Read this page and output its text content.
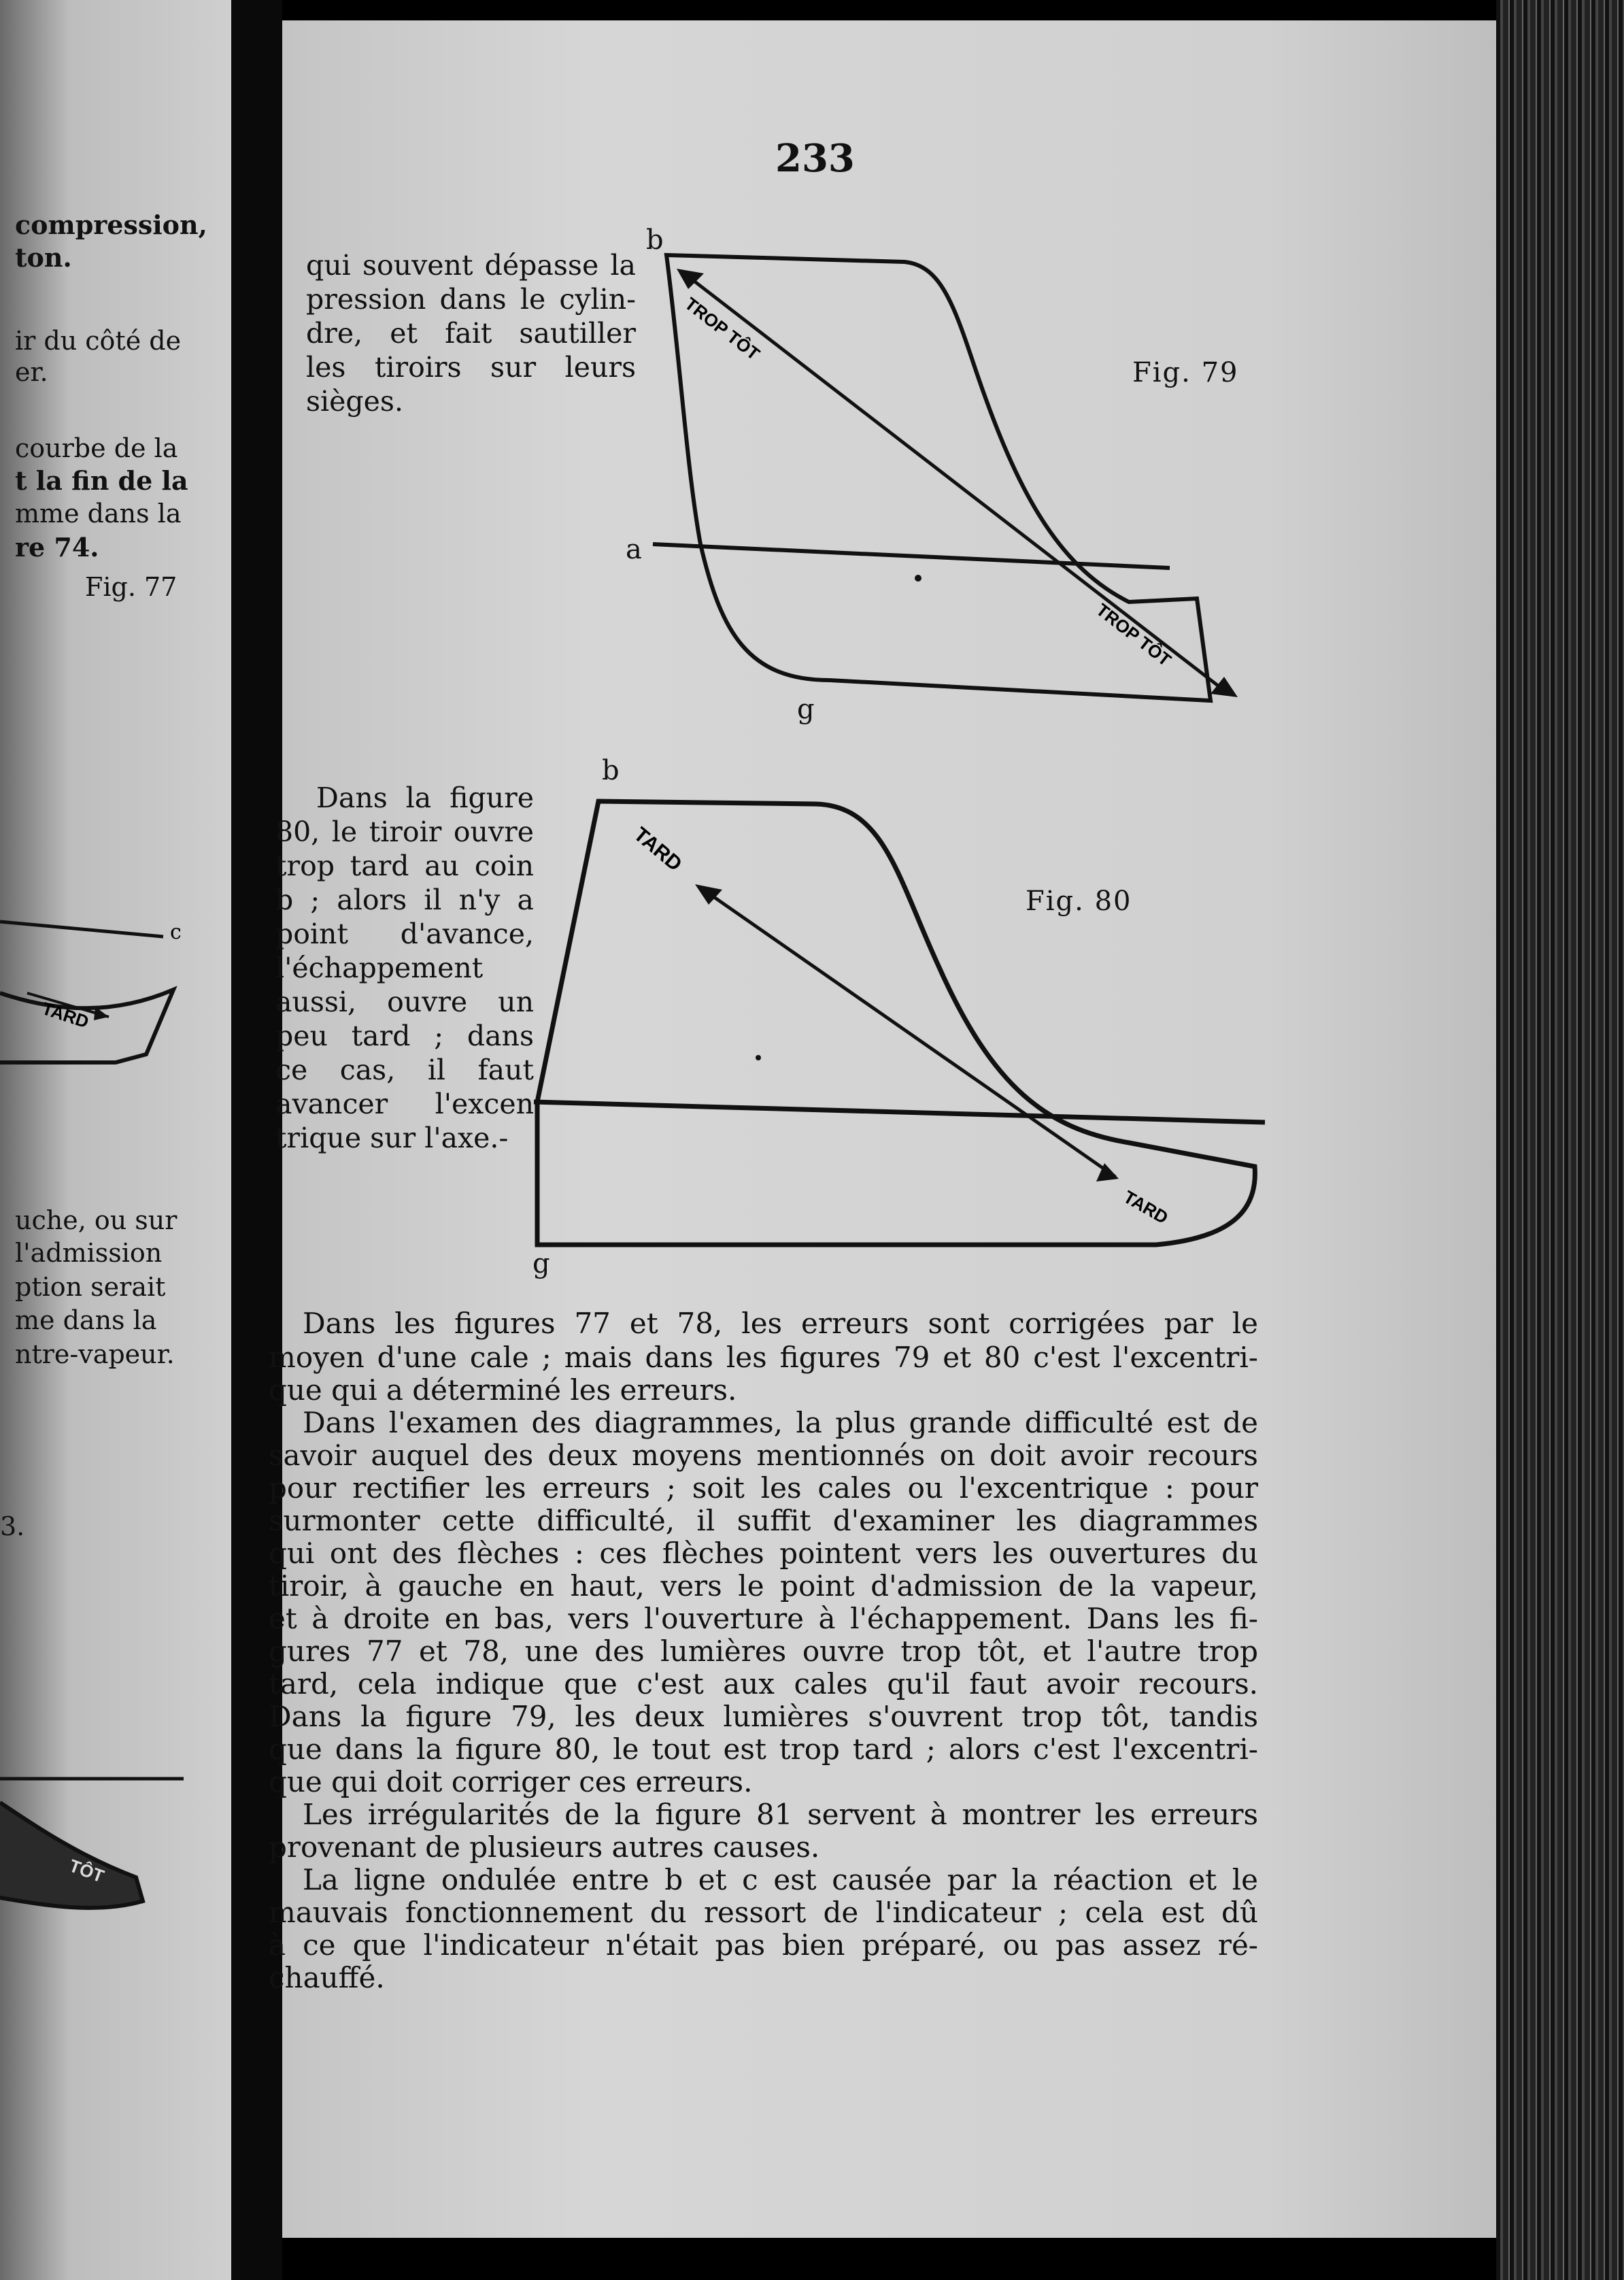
compression,
ton.
ir du côté de
er.
courbe de la
t la fin de la
mme dans la
re 74.
Fig. 77
uche, ou sur
l'admission
ption serait
me dans la
ntre-vapeur.
3.
TARD
c
TÔT
233
qui souvent dépasse la
pression dans le cylin-
dre, et fait sautiller
les tiroirs sur leurs
sièges.
TROP TÔT
TROP TÔT
b
a
g
Fig. 79
Dans la figure
80, le tiroir ouvre
trop tard au coin
b ; alors il n'y a
point d'avance,
l'échappement
aussi, ouvre un
peu tard ; dans
ce cas, il faut
avancer l'excen
trique sur l'axe.-
TARD
TARD
b
g
Fig. 80
Dans les figures 77 et 78, les erreurs sont corrigées par le
moyen d'une cale ; mais dans les figures 79 et 80 c'est l'excentri-
que qui a déterminé les erreurs.
Dans l'examen des diagrammes, la plus grande difficulté est de
savoir auquel des deux moyens mentionnés on doit avoir recours
pour rectifier les erreurs ; soit les cales ou l'excentrique : pour
surmonter cette difficulté, il suffit d'examiner les diagrammes
qui ont des flèches : ces flèches pointent vers les ouvertures du
tiroir, à gauche en haut, vers le point d'admission de la vapeur,
et à droite en bas, vers l'ouverture à l'échappement. Dans les fi-
gures 77 et 78, une des lumières ouvre trop tôt, et l'autre trop
tard, cela indique que c'est aux cales qu'il faut avoir recours.
Dans la figure 79, les deux lumières s'ouvrent trop tôt, tandis
que dans la figure 80, le tout est trop tard ; alors c'est l'excentri-
que qui doit corriger ces erreurs.
Les irrégularités de la figure 81 servent à montrer les erreurs
provenant de plusieurs autres causes.
La ligne ondulée entre b et c est causée par la réaction et le
mauvais fonctionnement du ressort de l'indicateur ; cela est dû
à ce que l'indicateur n'était pas bien préparé, ou pas assez ré-
chauffé.
